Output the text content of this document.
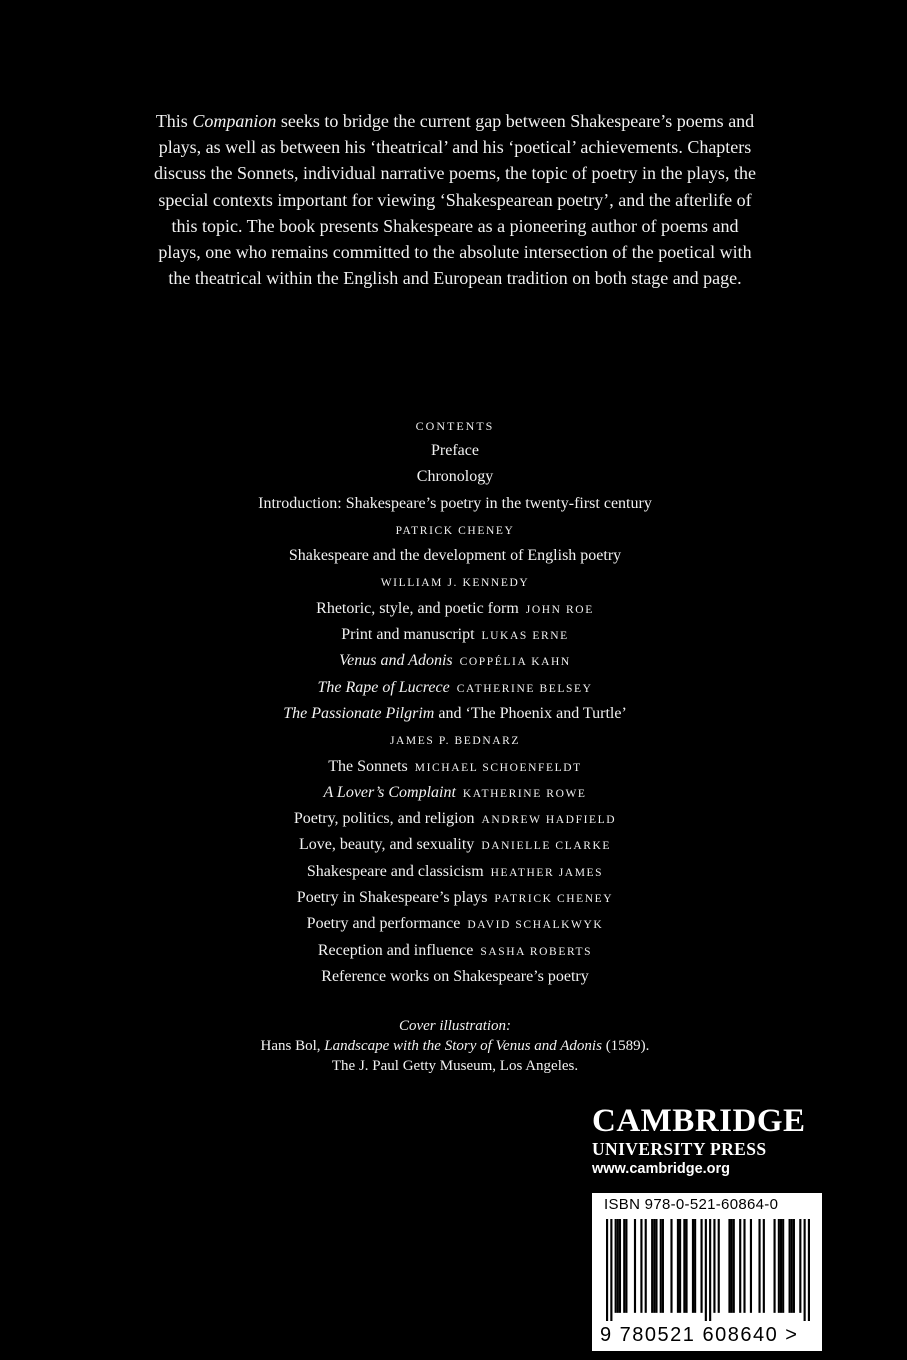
This Companion seeks to bridge the current gap between Shakespeare’s poems and plays, as well as between his ‘theatrical’ and his ‘poetical’ achievements. Chapters discuss the Sonnets, individual narrative poems, the topic of poetry in the plays, the special contexts important for viewing ‘Shakespearean poetry’, and the afterlife of this topic. The book presents Shakespeare as a pioneering author of poems and plays, one who remains committed to the absolute intersection of the poetical with the theatrical within the English and European tradition on both stage and page.

CONTENTS
Preface
Chronology
Introduction: Shakespeare’s poetry in the twenty-first century
PATRICK CHENEY
Shakespeare and the development of English poetry
WILLIAM J. KENNEDY
Rhetoric, style, and poetic form JOHN ROE
Print and manuscript LUKAS ERNE
Venus and Adonis COPPÉLIA KAHN
The Rape of Lucrece CATHERINE BELSEY
The Passionate Pilgrim and ‘The Phoenix and Turtle’
JAMES P. BEDNARZ
The Sonnets MICHAEL SCHOENFELDT
A Lover’s Complaint KATHERINE ROWE
Poetry, politics, and religion ANDREW HADFIELD
Love, beauty, and sexuality DANIELLE CLARKE
Shakespeare and classicism HEATHER JAMES
Poetry in Shakespeare’s plays PATRICK CHENEY
Poetry and performance DAVID SCHALKWYK
Reception and influence SASHA ROBERTS
Reference works on Shakespeare’s poetry
Cover illustration:
Hans Bol, Landscape with the Story of Venus and Adonis (1589).
The J. Paul Getty Museum, Los Angeles.
CAMBRIDGE
UNIVERSITY PRESS
www.cambridge.org
ISBN 978-0-521-60864-0
9 780521 608640 >
